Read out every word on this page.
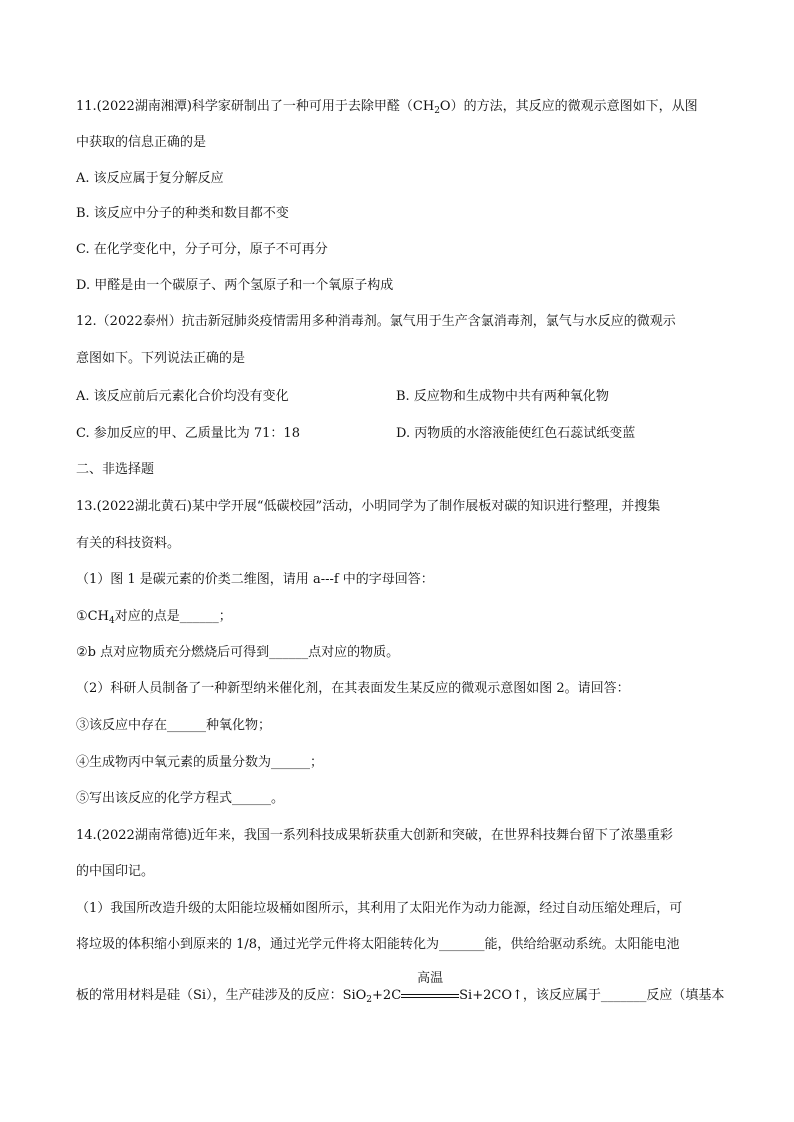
11.(2022湖南湘潭)科学家研制出了一种可用于去除甲醛$(CH_2O)$的方法，其反应的微观示意图如下，从图
中获取的信息正确的是
A. 该反应属于复分解反应
B. 该反应中分子的种类和数目都不变
C. 在化学变化中，分子可分，原子不可再分
D. 甲醛是由一个碳原子、两个氢原子和一个氧原子构成
12.（2022泰州）抗击新冠肺炎疫情需用多种消毒剂。氯气用于生产含氯消毒剂，氯气与水反应的微观示
意图如下。下列说法正确的是
A. 该反应前后元素化合价均没有变化	B. 反应物和生成物中共有两种氧化物
C. 参加反应的甲、乙质量比为 71：18	D. 丙物质的水溶液能使红色石蕊试纸变蓝
二、非选择题
13.(2022湖北黄石)某中学开展“低碳校园”活动，小明同学为了制作展板对碳的知识进行整理，并搜集
有关的科技资料。
（1）图 1 是碳元素的价类二维图，请用 a---f 中的字母回答：
$①CH_4$对应的点是______；
②b 点对应物质充分燃烧后可得到______点对应的物质。
（2）科研人员制备了一种新型纳米催化剂，在其表面发生某反应的微观示意图如图 2。请回答：
③该反应中存在______种氧化物；
④生成物丙中氧元素的质量分数为______；
⑤写出该反应的化学方程式______。
14.(2022湖南常德)近年来，我国一系列科技成果斩获重大创新和突破，在世界科技舞台留下了浓墨重彩
的中国印记。
（1）我国所改造升级的太阳能垃圾桶如图所示，其利用了太阳光作为动力能源，经过自动压缩处理后，可
将垃圾的体积缩小到原来的 1/8，通过光学元件将太阳能转化为_______能，供给给驱动系统。太阳能电池
板的常用材料是硅（Si），生产硅涉及的反应：SiO$_2$+2C
高温
Si+2CO↑，该反应属于_______反应（填基本
